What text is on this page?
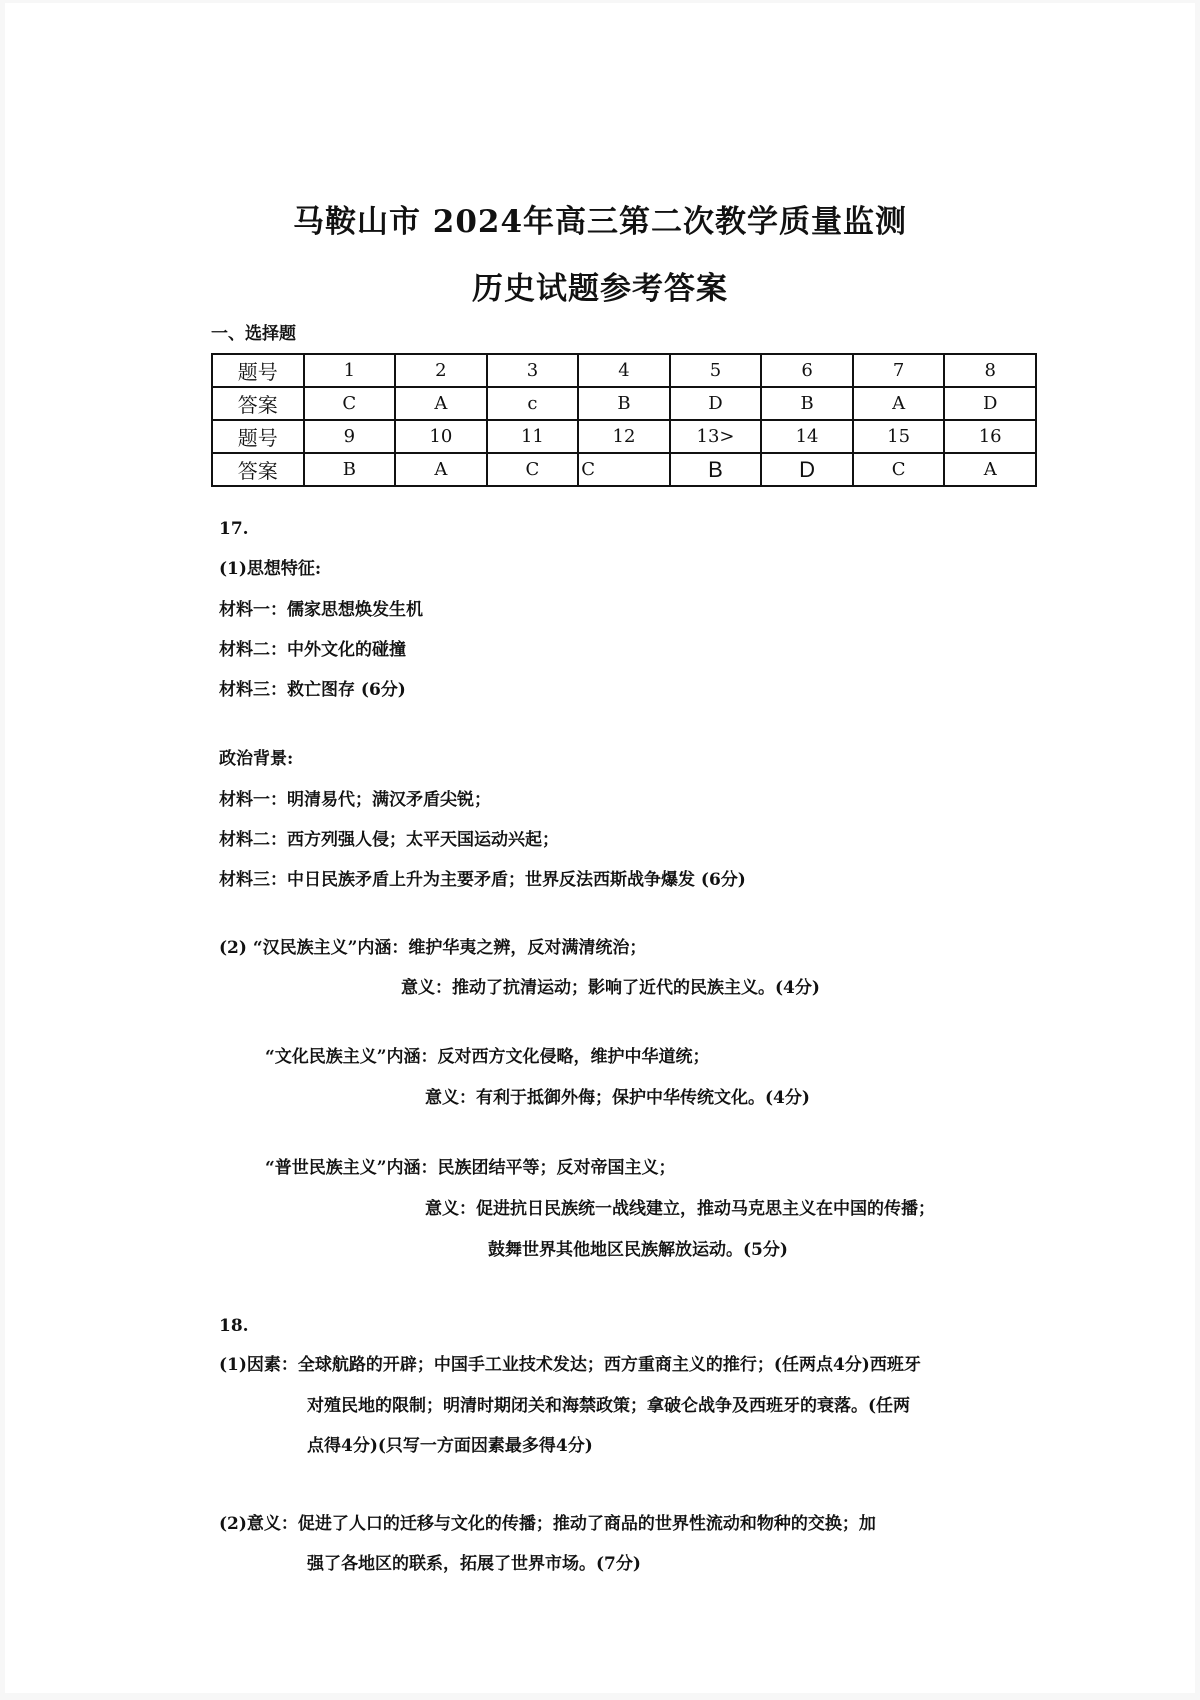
马鞍山市 2024年高三第二次教学质量监测
历史试题参考答案
一、选择题
题号	1	2	3	4	5	6	7	8
答案	C	A	c	B	D	B	A	D
题号	9	10	11	12	13>	14	15	16
答案	B	A	C	C	B	D	C	A
17.
(1)思想特征:
材料一：儒家思想焕发生机
材料二：中外文化的碰撞
材料三：救亡图存 (6分)
政治背景:
材料一：明清易代；满汉矛盾尖锐；
材料二：西方列强人侵；太平天国运动兴起；
材料三：中日民族矛盾上升为主要矛盾；世界反法西斯战争爆发 (6分)
(2) “汉民族主义”内涵：维护华夷之辨，反对满清统治；
意义：推动了抗清运动；影响了近代的民族主义。(4分)
“文化民族主义”内涵：反对西方文化侵略，维护中华道统；
意义：有利于抵御外侮；保护中华传统文化。(4分)
“普世民族主义”内涵：民族团结平等；反对帝国主义；
意义：促进抗日民族统一战线建立，推动马克思主义在中国的传播；
鼓舞世界其他地区民族解放运动。(5分)
18.
(1)因素：全球航路的开辟；中国手工业技术发达；西方重商主义的推行；(任两点4分)西班牙
对殖民地的限制；明清时期闭关和海禁政策；拿破仑战争及西班牙的衰落。(任两
点得4分)(只写一方面因素最多得4分)
(2)意义：促进了人口的迁移与文化的传播；推动了商品的世界性流动和物种的交换；加
强了各地区的联系，拓展了世界市场。(7分)
